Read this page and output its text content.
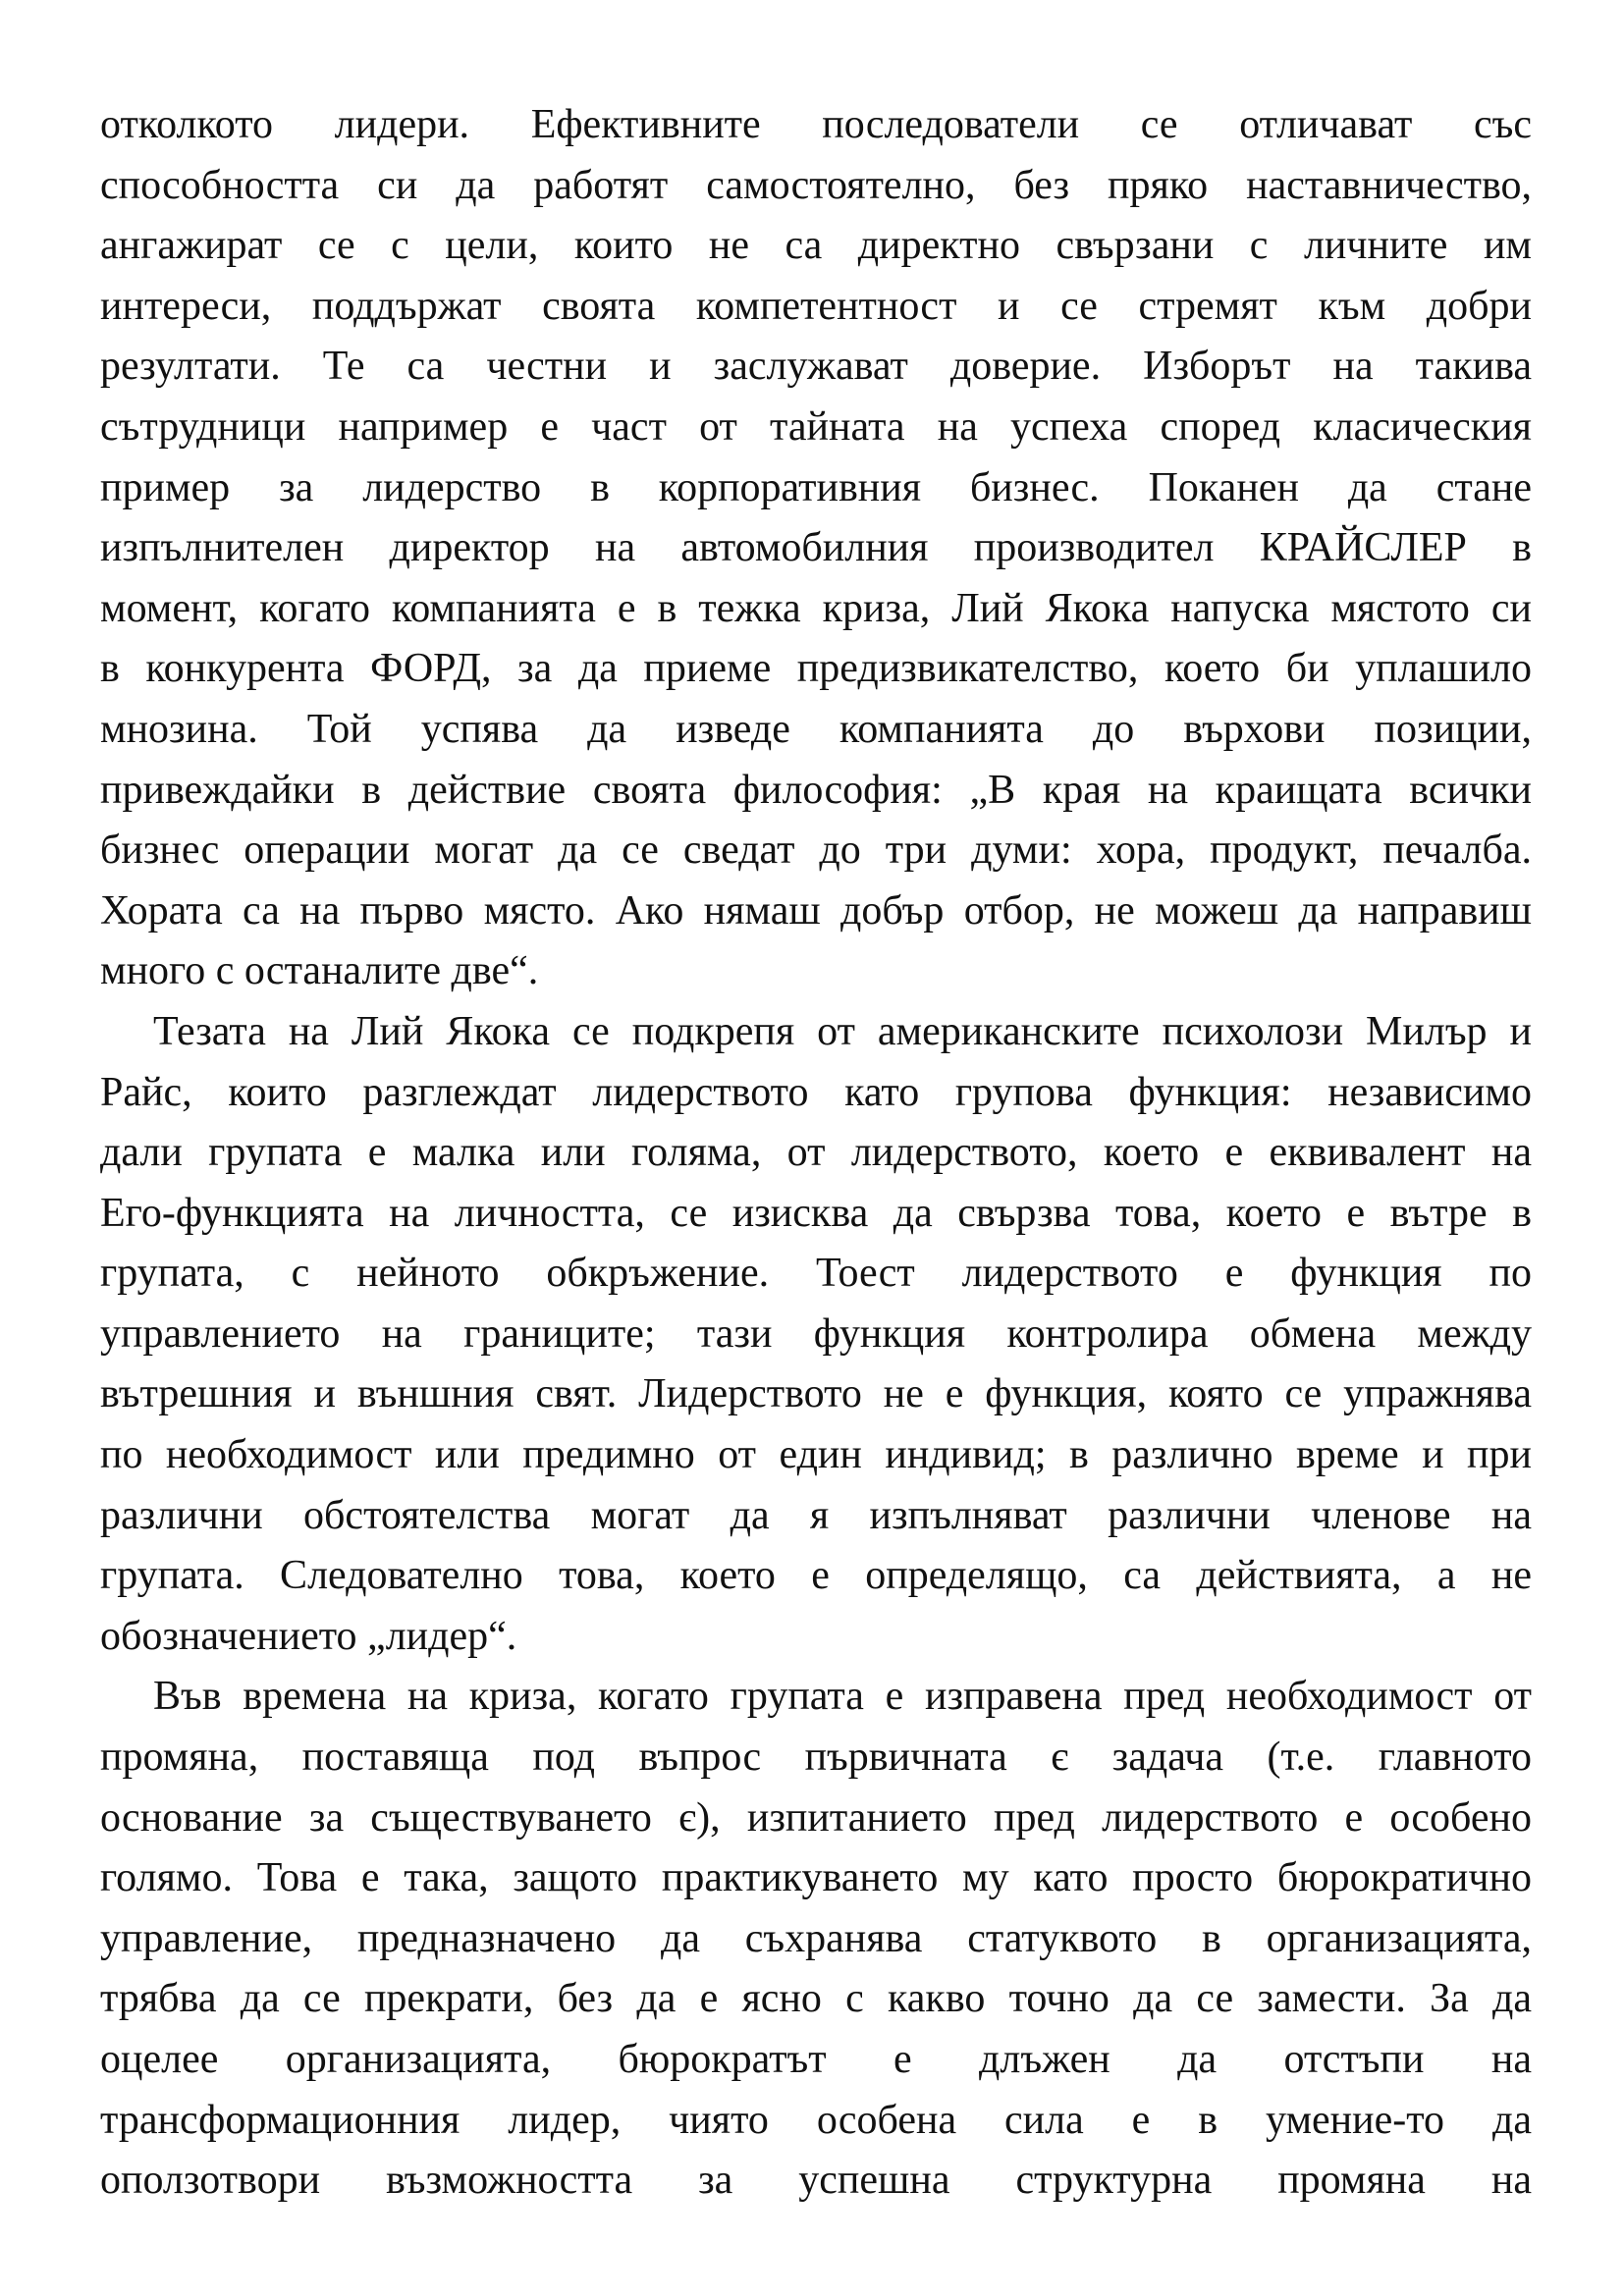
отколкото лидери. Ефективните последователи се отличават със
способността си да работят самостоятелно, без пряко наставничество,
ангажират се с цели, които не са директно свързани с личните им
интереси, поддържат своята компетентност и се стремят към добри
резултати. Те са честни и заслужават доверие. Изборът на такива
сътрудници например е част от тайната на успеха според класическия
пример за лидерство в корпоративния бизнес. Поканен да стане
изпълнителен директор на автомобилния производител КРАЙСЛЕР в
момент, когато компанията е в тежка криза, Лий Якока напуска мястото си
в конкурента ФОРД, за да приеме предизвикателство, което би уплашило
мнозина. Той успява да изведе компанията до върхови позиции,
привеждайки в действие своята философия: „В края на краищата всички
бизнес операции могат да се сведат до три думи: хора, продукт, печалба.
Хората са на първо място. Ако нямаш добър отбор, не можеш да направиш
много с останалите две“.
Тезата на Лий Якока се подкрепя от американските психолози Милър и
Райс, които разглеждат лидерството като групова функция: независимо
дали групата е малка или голяма, от лидерството, което е еквивалент на
Его-функцията на личността, се изисква да свързва това, което е вътре в
групата, с нейното обкръжение. Тоест лидерството е функция по
управлението на границите; тази функция контролира обмена между
вътрешния и външния свят. Лидерството не е функция, която се упражнява
по необходимост или предимно от един индивид; в различно време и при
различни обстоятелства могат да я изпълняват различни членове на
групата. Следователно това, което е определящо, са действията, а не
обозначението „лидер“.
Във времена на криза, когато групата е изправена пред необходимост от
промяна, поставяща под въпрос първичната є задача (т.е. главното
основание за съществуването є), изпитанието пред лидерството е особено
голямо. Това е така, защото практикуването му като просто бюрократично
управление, предназначено да съхранява статуквото в организацията,
трябва да се прекрати, без да е ясно с какво точно да се замести. За да
оцелее организацията, бюрократът е длъжен да отстъпи на
трансформационния лидер, чиято особена сила е в умение-то да
оползотвори възможността за успешна структурна промяна на
